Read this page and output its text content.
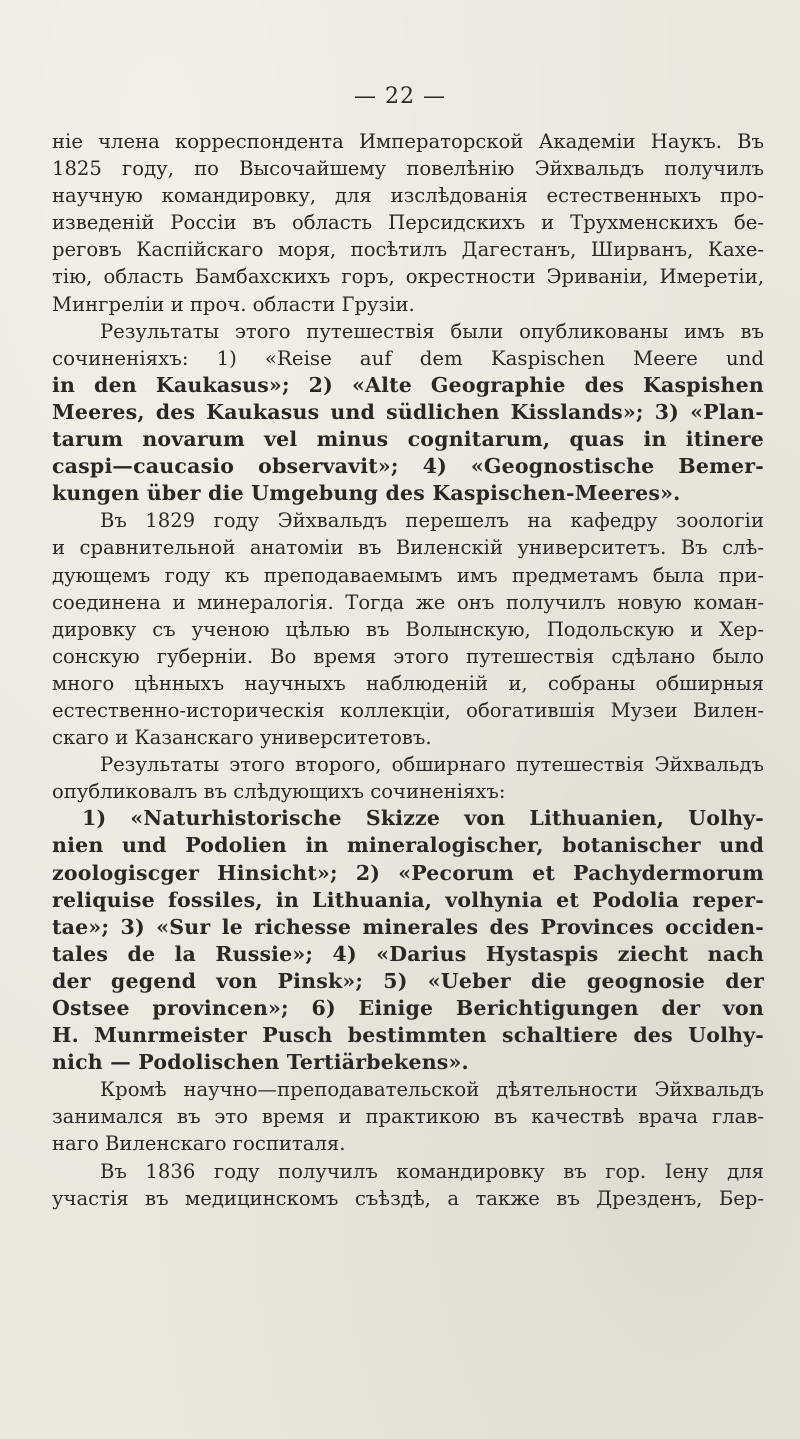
— 22 —
ніе члена корреспондента Императорской Академіи Наукъ. Въ
1825 году, по Высочайшему повелѣнію Эйхвальдъ получилъ
научную командировку, для изслѣдованія естественныхъ про-
изведеній Россіи въ область Персидскихъ и Трухменскихъ бе-
реговъ Каспійскаго моря, посѣтилъ Дагестанъ, Ширванъ, Кахе-
тію, область Бамбахскихъ горъ, окрестности Эриваніи, Имеретіи,
Мингреліи и проч. области Грузіи.
Результаты этого путешествія были опубликованы имъ въ
сочиненіяхъ: 1) «Reise auf dem Kaspischen Meere und
in den Kaukasus»; 2) «Alte Geographie des Kaspishen
Meeres, des Kaukasus und südlichen Kisslands»; 3) «Plan-
tarum novarum vel minus cognitarum, quas in itinere
caspi—caucasio observavit»; 4) «Geognostische Bemer-
kungen über die Umgebung des Kaspischen-Meeres».
Въ 1829 году Эйхвальдъ перешелъ на кафедру зоологіи
и сравнительной анатоміи въ Виленскій университетъ. Въ слѣ-
дующемъ году къ преподаваемымъ имъ предметамъ была при-
соединена и минералогія. Тогда же онъ получилъ новую коман-
дировку съ ученою цѣлью въ Волынскую, Подольскую и Хер-
сонскую губерніи. Во время этого путешествія сдѣлано было
много цѣнныхъ научныхъ наблюденій и, собраны обширныя
естественно-историческія коллекціи, обогатившія Музеи Вилен-
скаго и Казанскаго университетовъ.
Результаты этого второго, обширнаго путешествія Эйхвальдъ
опубликовалъ въ слѣдующихъ сочиненіяхъ:
1) «Naturhistorische Skizze von Lithuanien, Uolhy-
nien und Podolien in mineralogischer, botanischer und
zoologiscger Hinsicht»; 2) «Pecorum et Pachydermorum
reliquise fossiles, in Lithuania, volhynia et Podolia reper-
tae»; 3) «Sur le richesse minerales des Provinces occiden-
tales de la Russie»; 4) «Darius Hystaspis ziecht nach
der gegend von Pinsk»; 5) «Ueber die geognosie der
Ostsee provincen»; 6) Einige Berichtigungen der von
H. Munrmeister Pusch bestimmten schaltiere des Uolhy-
nich — Podolischen Tertiärbekens».
Кромѣ научно—преподавательской дѣятельности Эйхвальдъ
занимался въ это время и практикою въ качествѣ врача глав-
наго Виленскаго госпиталя.
Въ 1836 году получилъ командировку въ гор. Іену для
участія въ медицинскомъ съѣздѣ, а также въ Дрезденъ, Бер-
